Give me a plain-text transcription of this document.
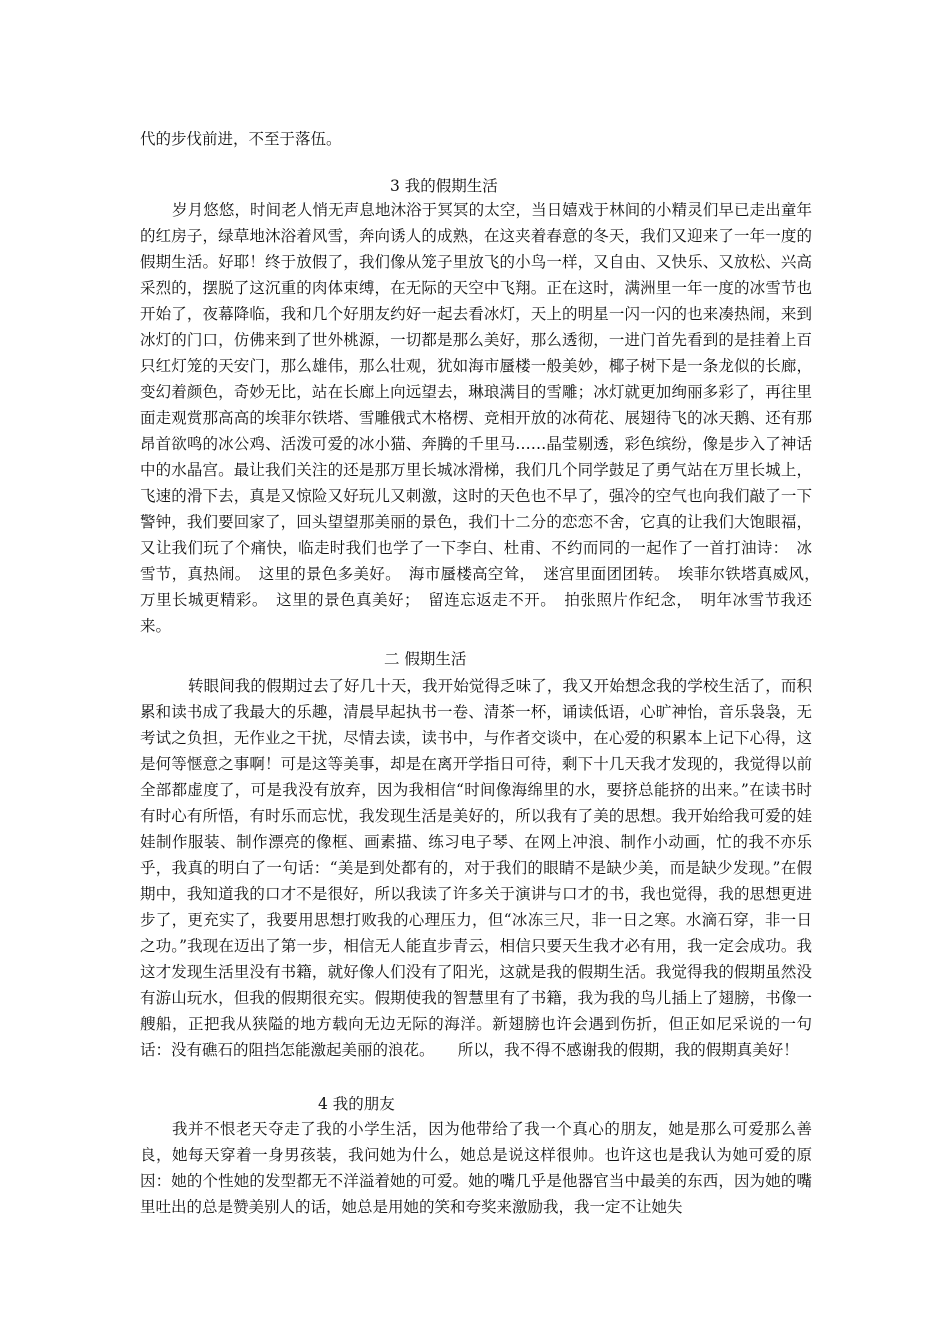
代的步伐前进，不至于落伍。

3 我的假期生活

岁月悠悠，时间老人悄无声息地沐浴于冥冥的太空，当日嬉戏于林间的小精灵们早已走出童年的红房子，绿草地沐浴着风雪，奔向诱人的成熟，在这夹着春意的冬天，我们又迎来了一年一度的假期生活。好耶！终于放假了，我们像从笼子里放飞的小鸟一样，又自由、又快乐、又放松、兴高采烈的，摆脱了这沉重的肉体束缚，在无际的天空中飞翔。正在这时，满洲里一年一度的冰雪节也开始了，夜幕降临，我和几个好朋友约好一起去看冰灯，天上的明星一闪一闪的也来凑热闹，来到冰灯的门口，仿佛来到了世外桃源，一切都是那么美好，那么透彻，一进门首先看到的是挂着上百只红灯笼的天安门，那么雄伟，那么壮观，犹如海市蜃楼一般美妙，椰子树下是一条龙似的长廊，变幻着颜色，奇妙无比，站在长廊上向远望去，琳琅满目的雪雕；冰灯就更加绚丽多彩了，再往里面走观赏那高高的埃菲尔铁塔、雪雕俄式木格楞、竞相开放的冰荷花、展翅待飞的冰天鹅、还有那昂首欲鸣的冰公鸡、活泼可爱的冰小猫、奔腾的千里马……晶莹剔透，彩色缤纷，像是步入了神话中的水晶宫。最让我们关注的还是那万里长城冰滑梯，我们几个同学鼓足了勇气站在万里长城上，飞速的滑下去，真是又惊险又好玩儿又刺激，这时的天色也不早了，强冷的空气也向我们敲了一下警钟，我们要回家了，回头望望那美丽的景色，我们十二分的恋恋不舍，它真的让我们大饱眼福，又让我们玩了个痛快，临走时我们也学了一下李白、杜甫、不约而同的一起作了一首打油诗：　冰雪节，真热闹。　这里的景色多美好。　海市蜃楼高空耸，　迷宫里面团团转。　埃菲尔铁塔真威风，　万里长城更精彩。　这里的景色真美好；　留连忘返走不开。　拍张照片作纪念，　明年冰雪节我还来。

二 假期生活

转眼间我的假期过去了好几十天，我开始觉得乏味了，我又开始想念我的学校生活了，而积累和读书成了我最大的乐趣，清晨早起执书一卷、清茶一杯，诵读低语，心旷神怡，音乐袅袅，无考试之负担，无作业之干扰，尽情去读，读书中，与作者交谈中，在心爱的积累本上记下心得，这是何等惬意之事啊！可是这等美事，却是在离开学指日可待，剩下十几天我才发现的，我觉得以前全部都虚度了，可是我没有放弃，因为我相信“时间像海绵里的水，要挤总能挤的出来。”在读书时有时心有所悟，有时乐而忘忧，我发现生活是美好的，所以我有了美的思想。我开始给我可爱的娃娃制作服装、制作漂亮的像框、画素描、练习电子琴、在网上冲浪、制作小动画，忙的我不亦乐乎，我真的明白了一句话：“美是到处都有的，对于我们的眼睛不是缺少美，而是缺少发现。”在假期中，我知道我的口才不是很好，所以我读了许多关于演讲与口才的书，我也觉得，我的思想更进步了，更充实了，我要用思想打败我的心理压力，但“冰冻三尺，非一日之寒。水滴石穿，非一日之功。”我现在迈出了第一步，相信无人能直步青云，相信只要天生我才必有用，我一定会成功。我这才发现生活里没有书籍，就好像人们没有了阳光，这就是我的假期生活。我觉得我的假期虽然没有游山玩水，但我的假期很充实。假期使我的智慧里有了书籍，我为我的鸟儿插上了翅膀，书像一艘船，正把我从狭隘的地方载向无边无际的海洋。新翅膀也许会遇到伤折，但正如尼采说的一句话：没有礁石的阻挡怎能激起美丽的浪花。　　所以，我不得不感谢我的假期，我的假期真美好！

4 我的朋友

我并不恨老天夺走了我的小学生活，因为他带给了我一个真心的朋友，她是那么可爱那么善良，她每天穿着一身男孩装，我问她为什么，她总是说这样很帅。也许这也是我认为她可爱的原因：她的个性她的发型都无不洋溢着她的可爱。她的嘴几乎是他器官当中最美的东西，因为她的嘴里吐出的总是赞美别人的话，她总是用她的笑和夸奖来激励我，我一定不让她失
